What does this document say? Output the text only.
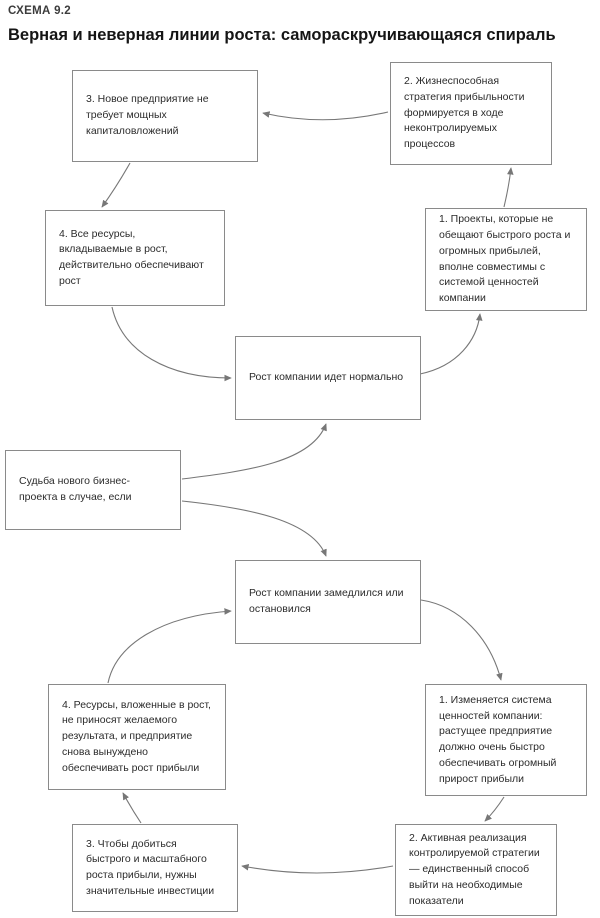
СХЕМА 9.2
Верная и неверная линии роста: самораскручивающаяся спираль
3. Новое предприятие не требует мощных капиталовложений
2. Жизнеспособная стратегия прибыльности формируется в ходе неконтролируемых процессов
4. Все ресурсы, вкладываемые в рост, действительно обеспечивают рост
1. Проекты, которые не обещают быстрого роста и огромных прибылей, вполне совместимы с системой ценностей компании
Рост компании идет нормально
Судьба нового бизнес-проекта в случае, если
Рост компании замедлился или остановился
1. Изменяется система ценностей компании: растущее предприятие должно очень быстро обеспечивать огромный прирост прибыли
4. Ресурсы, вложенные в рост, не приносят желаемого результата, и предприятие снова вынуждено обеспечивать рост прибыли
2. Активная реализация контролируемой стратегии — единственный способ выйти на необходимые показатели
3. Чтобы добиться быстрого и масштабного роста прибыли, нужны значительные инвестиции
